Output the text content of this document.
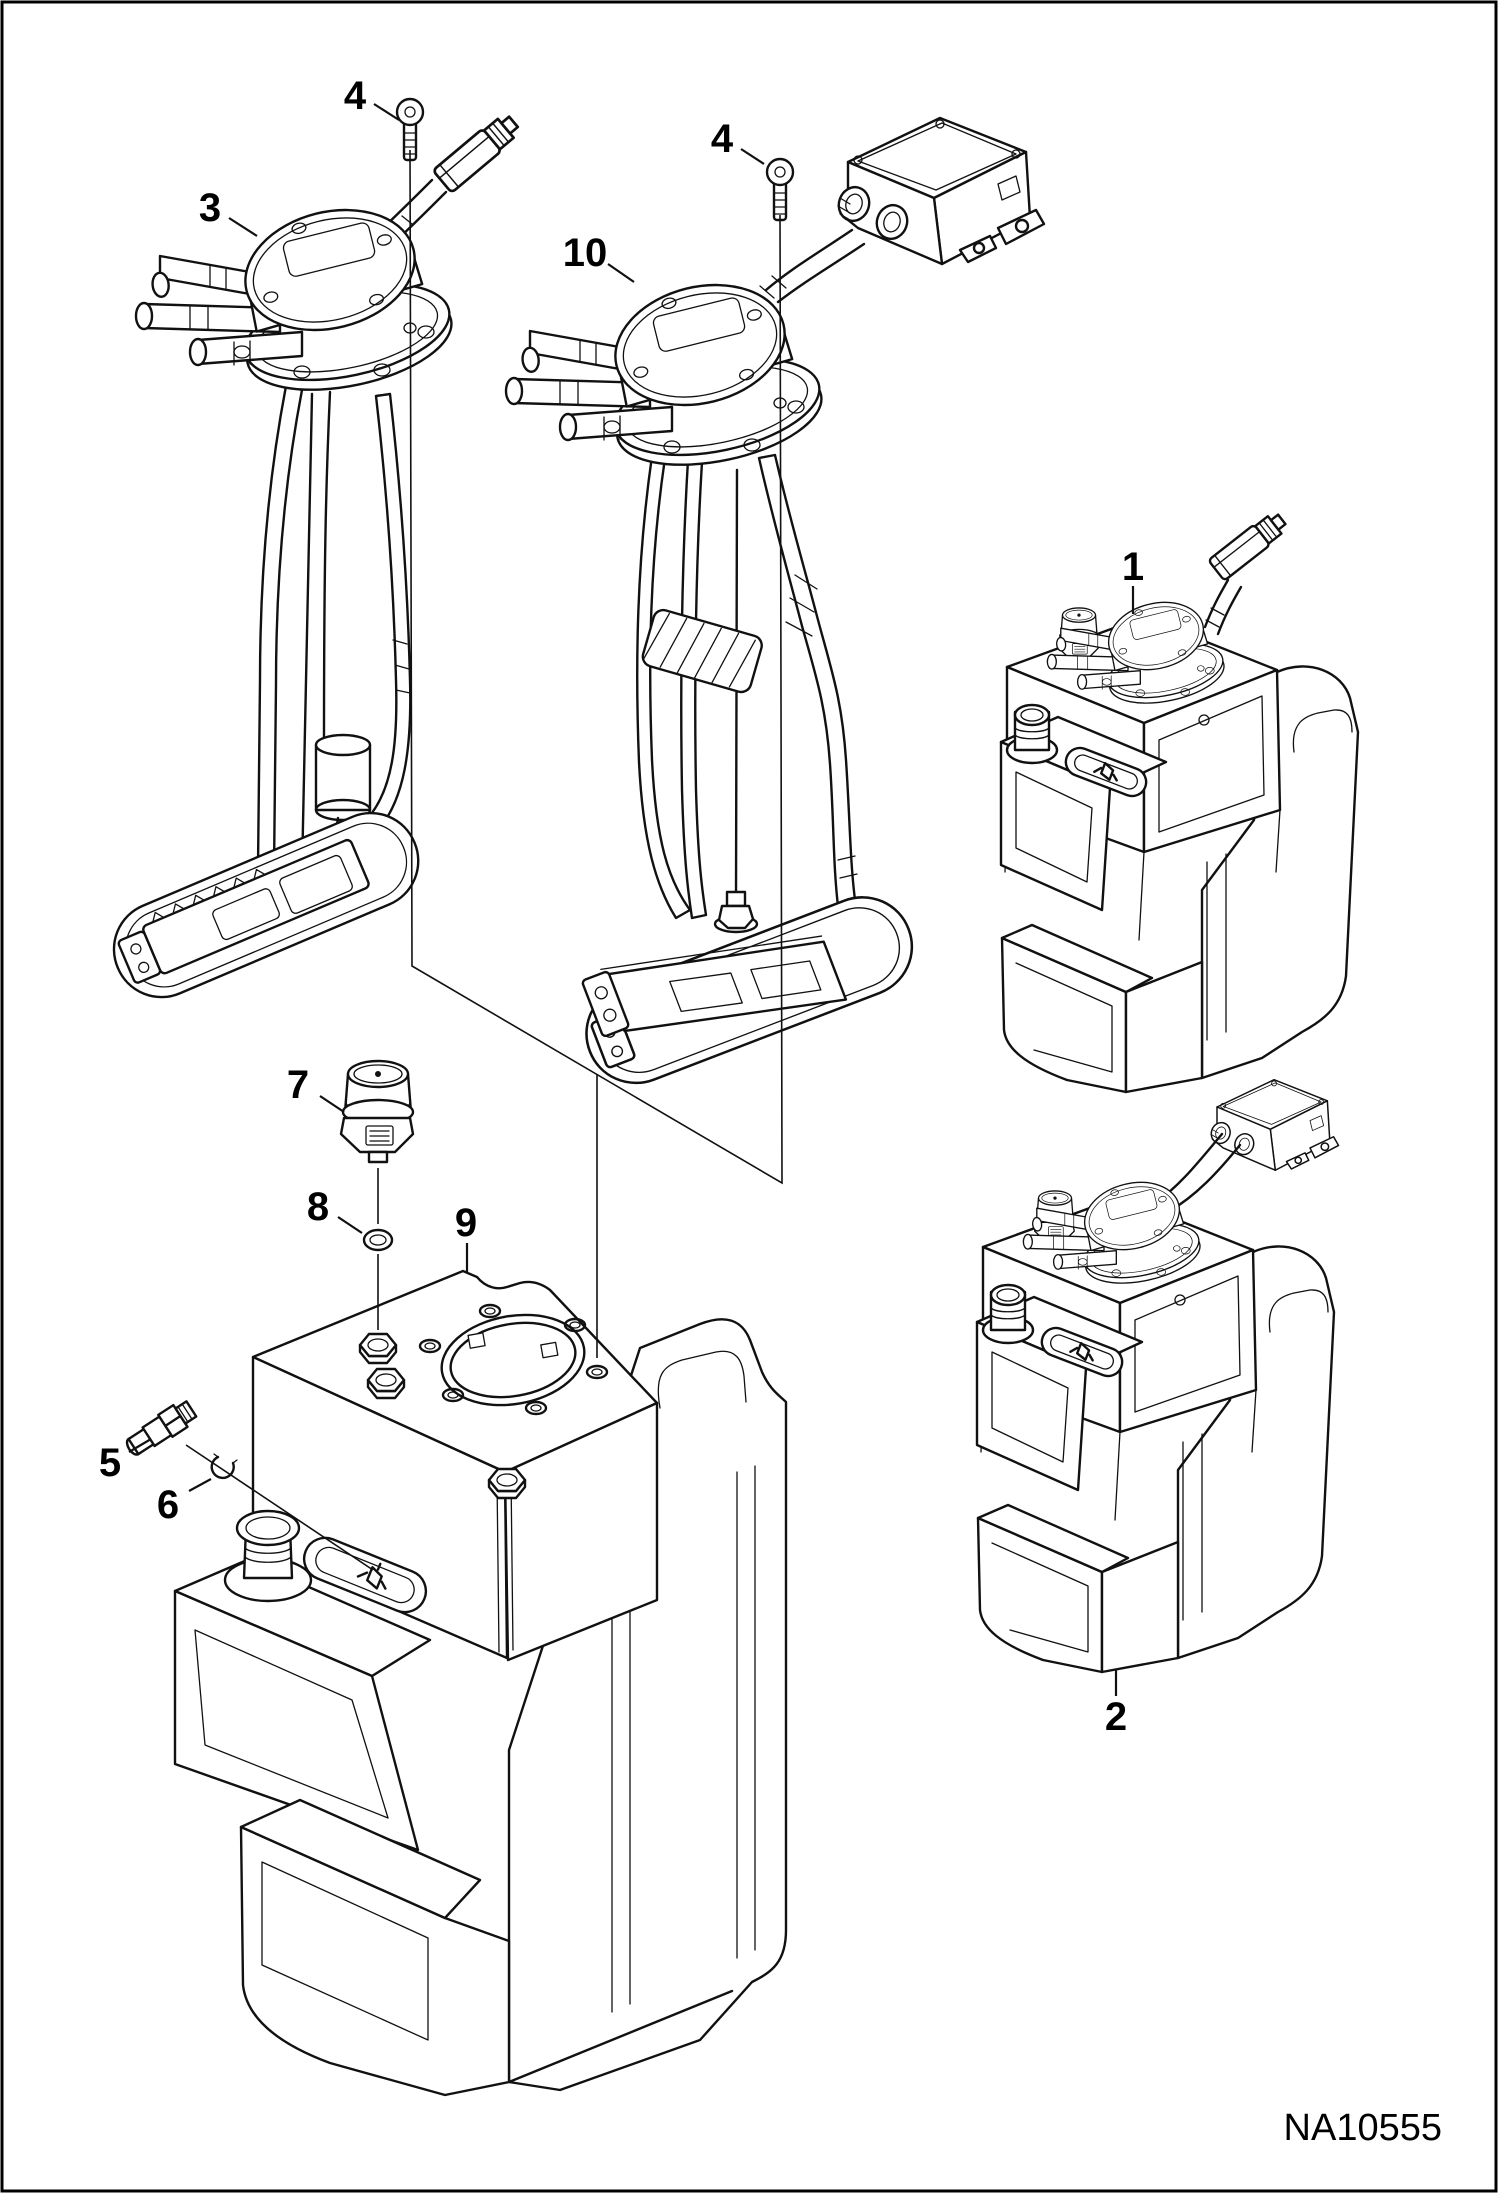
4
3
4
10
1
2
5
6
7
8	9
NA10555
